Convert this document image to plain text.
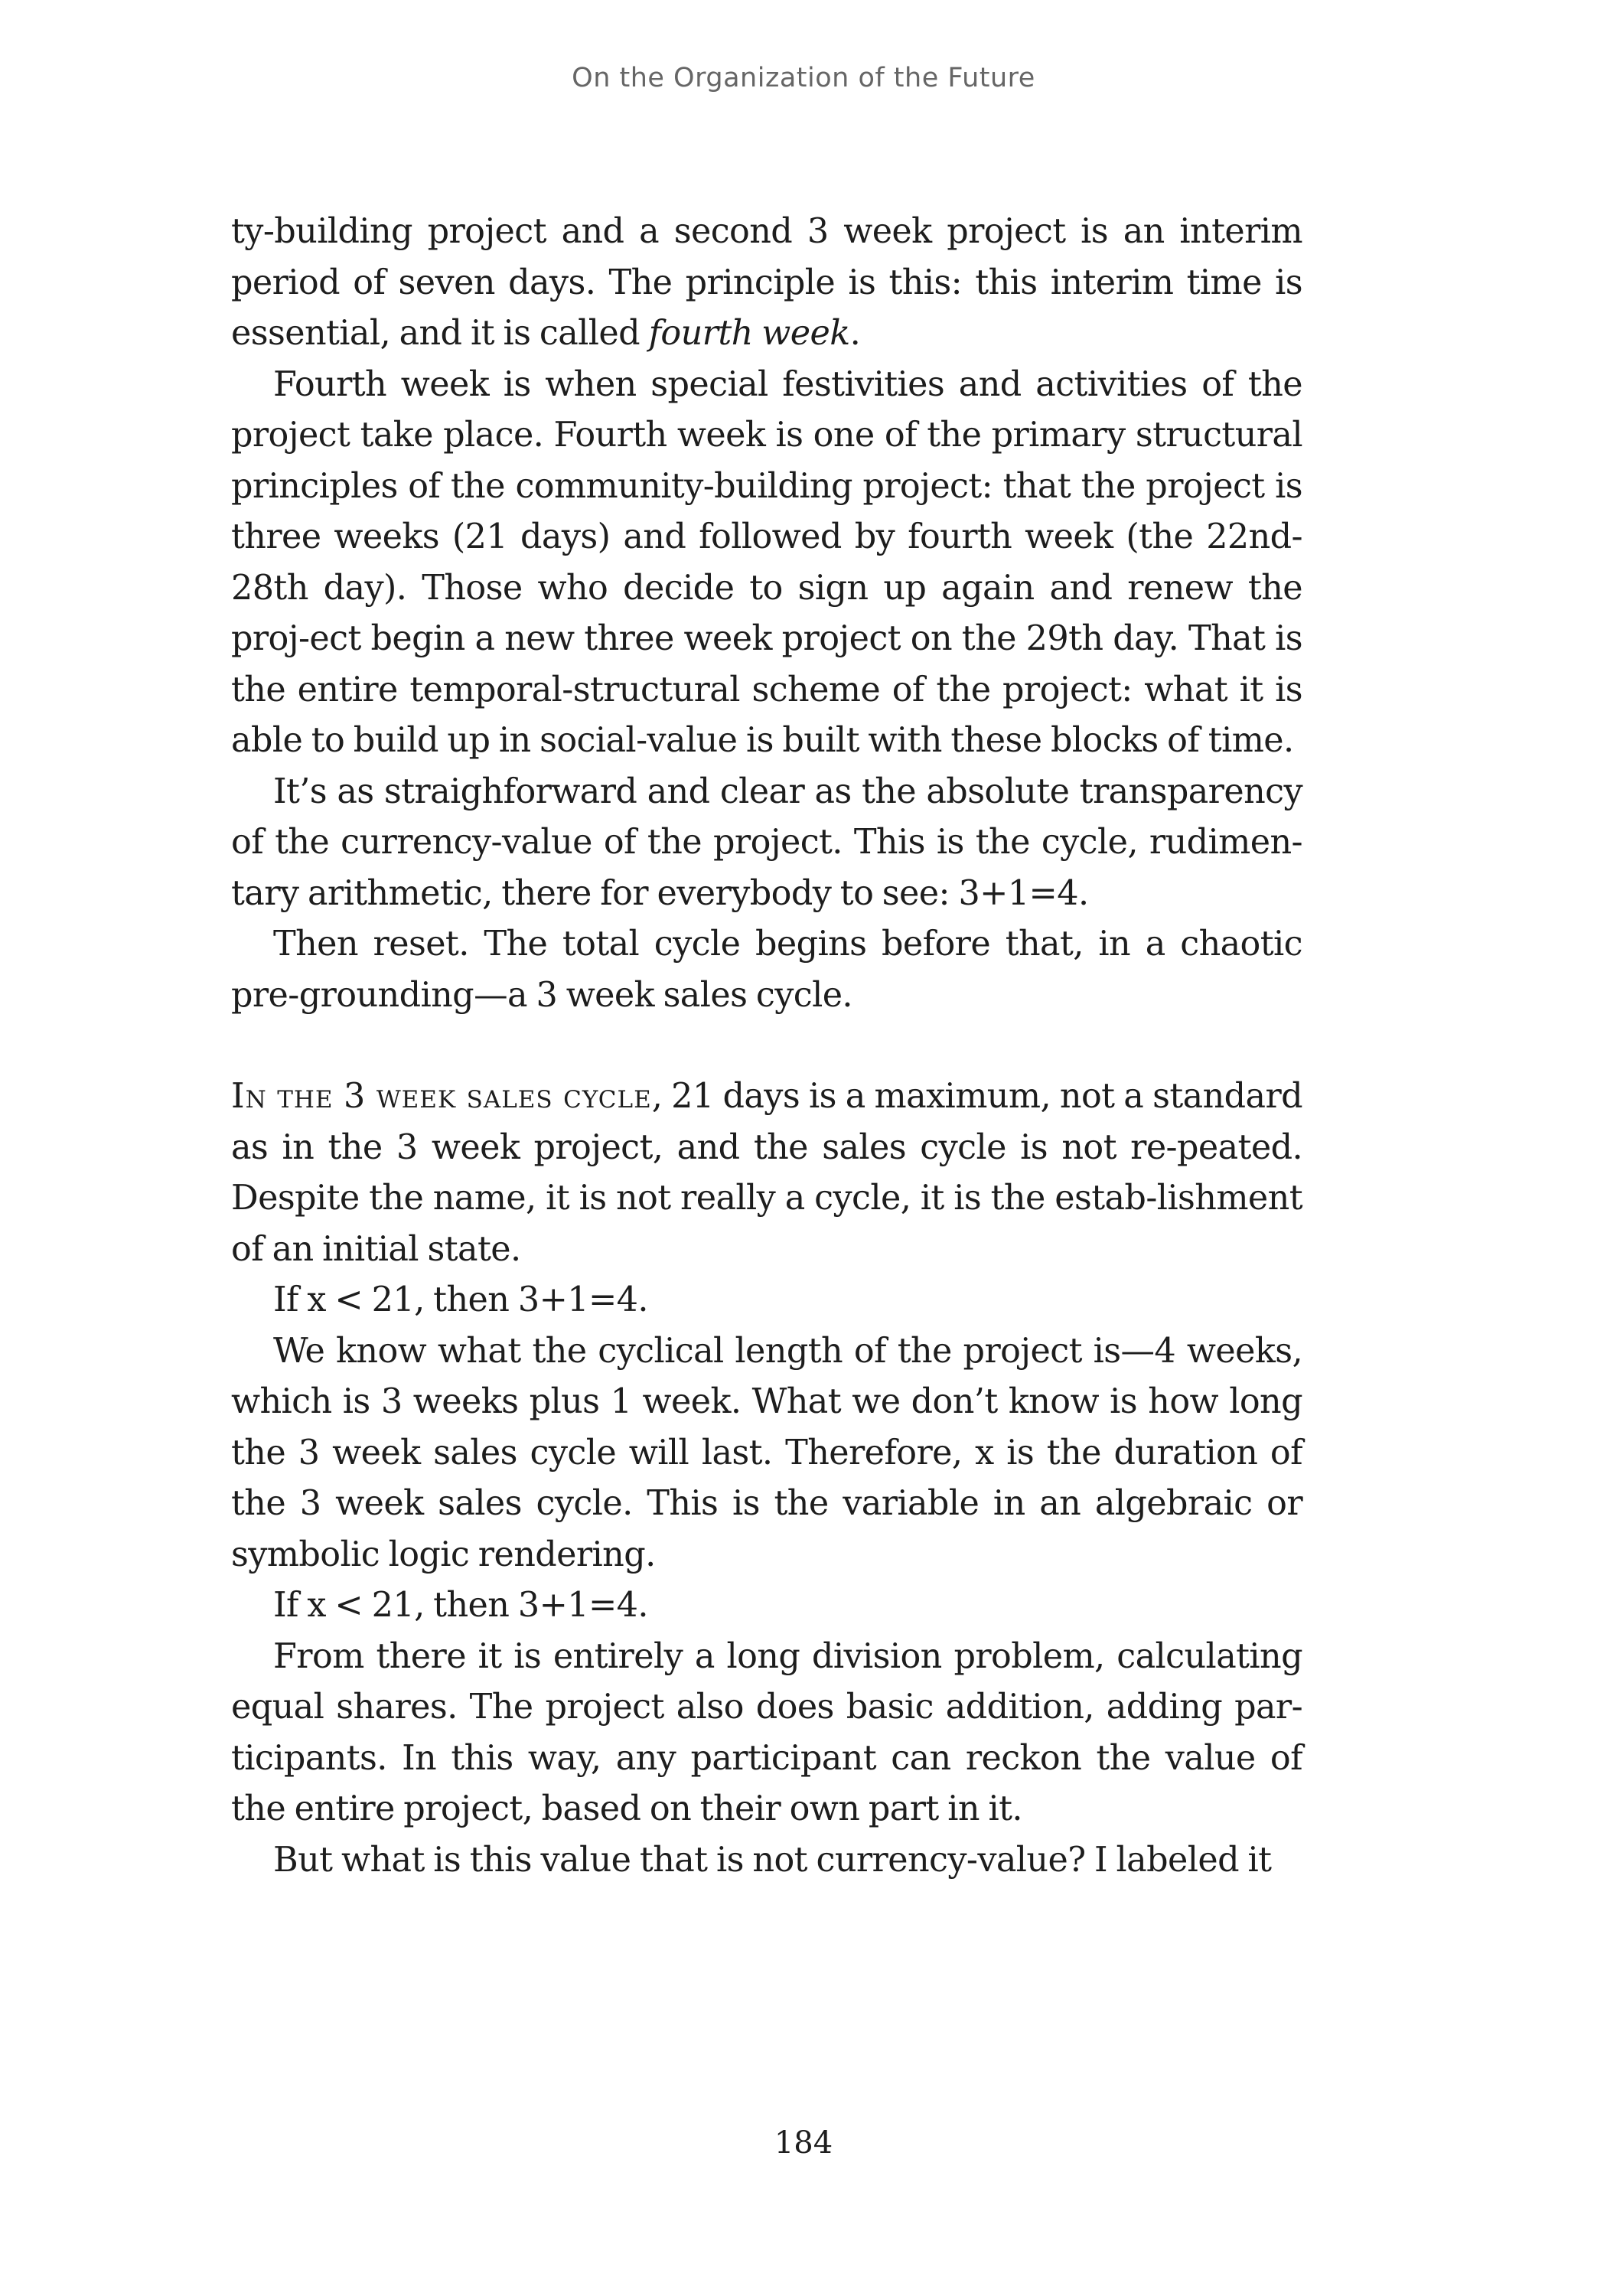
On the Organization of the Future

ty-building project and a second 3 week project is an interim period of seven days. The principle is this: this interim time is essential, and it is called fourth week.

Fourth week is when special festivities and activities of the project take place. Fourth week is one of the primary structural principles of the community-building project: that the project is three weeks (21 days) and followed by fourth week (the 22nd-28th day). Those who decide to sign up again and renew the proj-ect begin a new three week project on the 29th day. That is the entire temporal-structural scheme of the project: what it is able to build up in social-value is built with these blocks of time.

It’s as straighforward and clear as the absolute transparency of the currency-value of the project. This is the cycle, rudimen-tary arithmetic, there for everybody to see: 3+1=4.

Then reset. The total cycle begins before that, in a chaotic pre-grounding—a 3 week sales cycle.

In the 3 week sales cycle, 21 days is a maximum, not a standard as in the 3 week project, and the sales cycle is not re-peated. Despite the name, it is not really a cycle, it is the estab-lishment of an initial state.

If x < 21, then 3+1=4.

We know what the cyclical length of the project is—4 weeks, which is 3 weeks plus 1 week. What we don’t know is how long the 3 week sales cycle will last. Therefore, x is the duration of the 3 week sales cycle. This is the variable in an algebraic or symbolic logic rendering.

If x < 21, then 3+1=4.

From there it is entirely a long division problem, calculating equal shares. The project also does basic addition, adding par-ticipants. In this way, any participant can reckon the value of the entire project, based on their own part in it.

But what is this value that is not currency-value? I labeled it

184
